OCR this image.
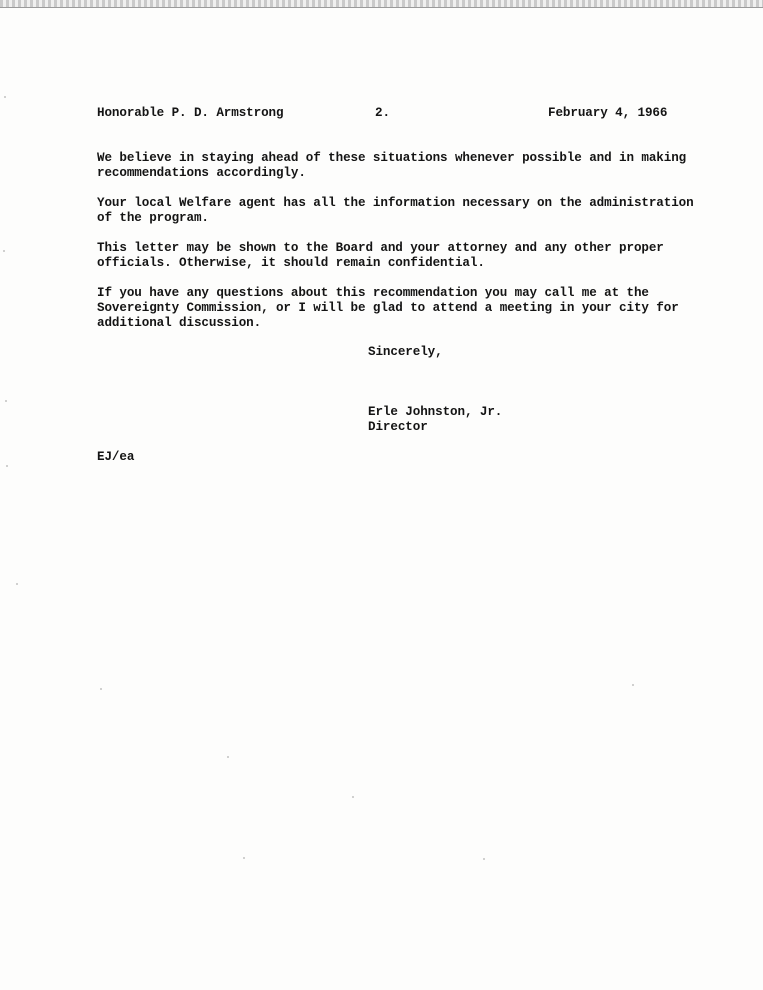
Honorable P. D. Armstrong	2.	February 4, 1966
We believe in staying ahead of these situations whenever possible and in making
recommendations accordingly.
Your local Welfare agent has all the information necessary on the administration
of the program.
This letter may be shown to the Board and your attorney and any other proper
officials. Otherwise, it should remain confidential.
If you have any questions about this recommendation you may call me at the
Sovereignty Commission, or I will be glad to attend a meeting in your city for
additional discussion.
Sincerely,
Erle Johnston, Jr.
Director
EJ/ea
